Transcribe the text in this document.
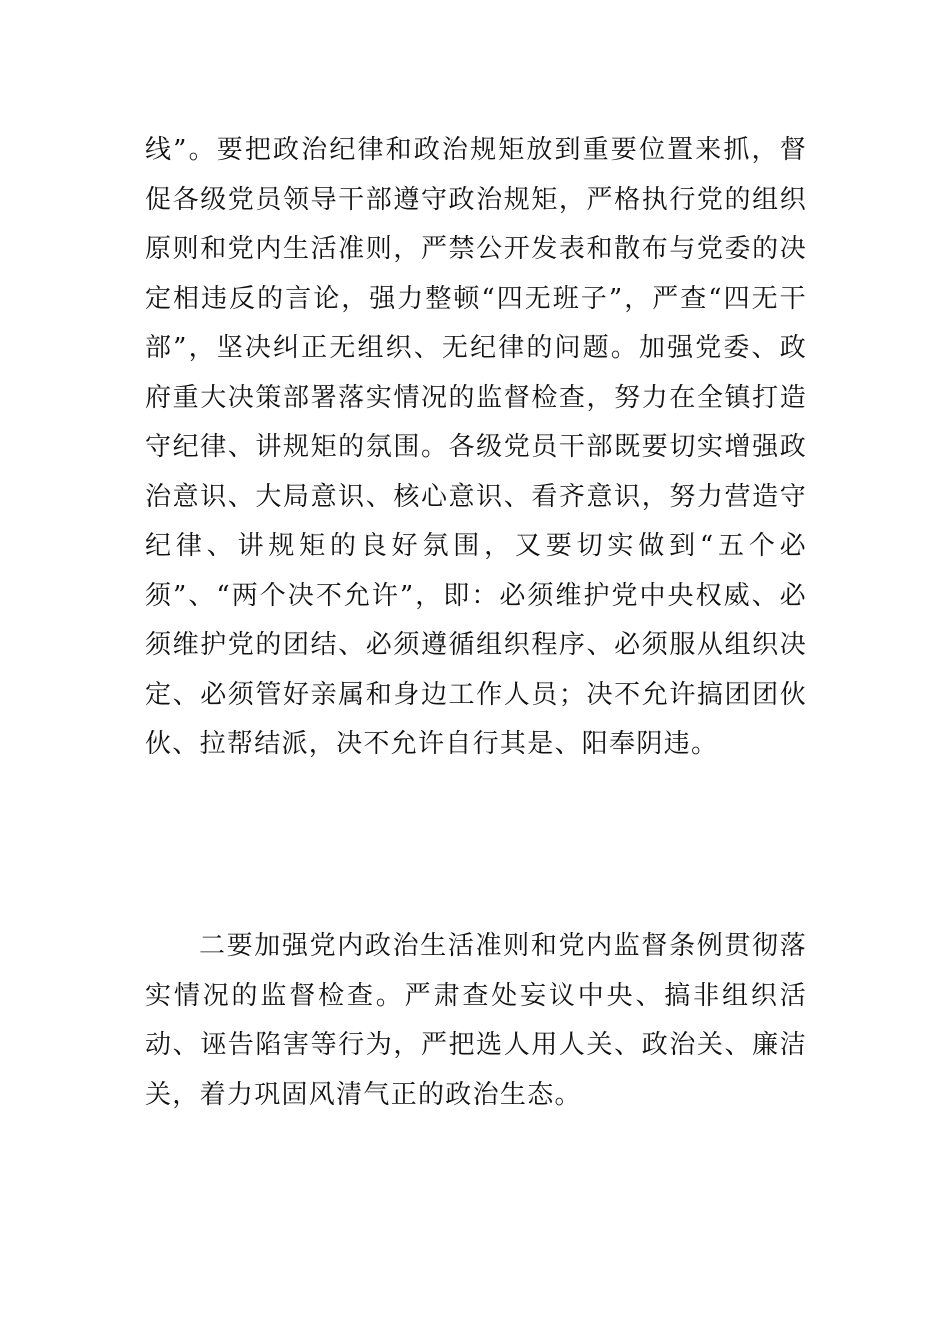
线”。要把政治纪律和政治规矩放到重要位置来抓，督促各级党员领导干部遵守政治规矩，严格执行党的组织原则和党内生活准则，严禁公开发表和散布与党委的决定相违反的言论，强力整顿“四无班子”，严查“四无干部”，坚决纠正无组织、无纪律的问题。加强党委、政府重大决策部署落实情况的监督检查，努力在全镇打造守纪律、讲规矩的氛围。各级党员干部既要切实增强政治意识、大局意识、核心意识、看齐意识，努力营造守纪律、讲规矩的良好氛围，又要切实做到“五个必须”、“两个决不允许”，即：必须维护党中央权威、必须维护党的团结、必须遵循组织程序、必须服从组织决定、必须管好亲属和身边工作人员；决不允许搞团团伙伙、拉帮结派，决不允许自行其是、阳奉阴违。

二要加强党内政治生活准则和党内监督条例贯彻落实情况的监督检查。严肃查处妄议中央、搞非组织活动、诬告陷害等行为，严把选人用人关、政治关、廉洁关，着力巩固风清气正的政治生态。
